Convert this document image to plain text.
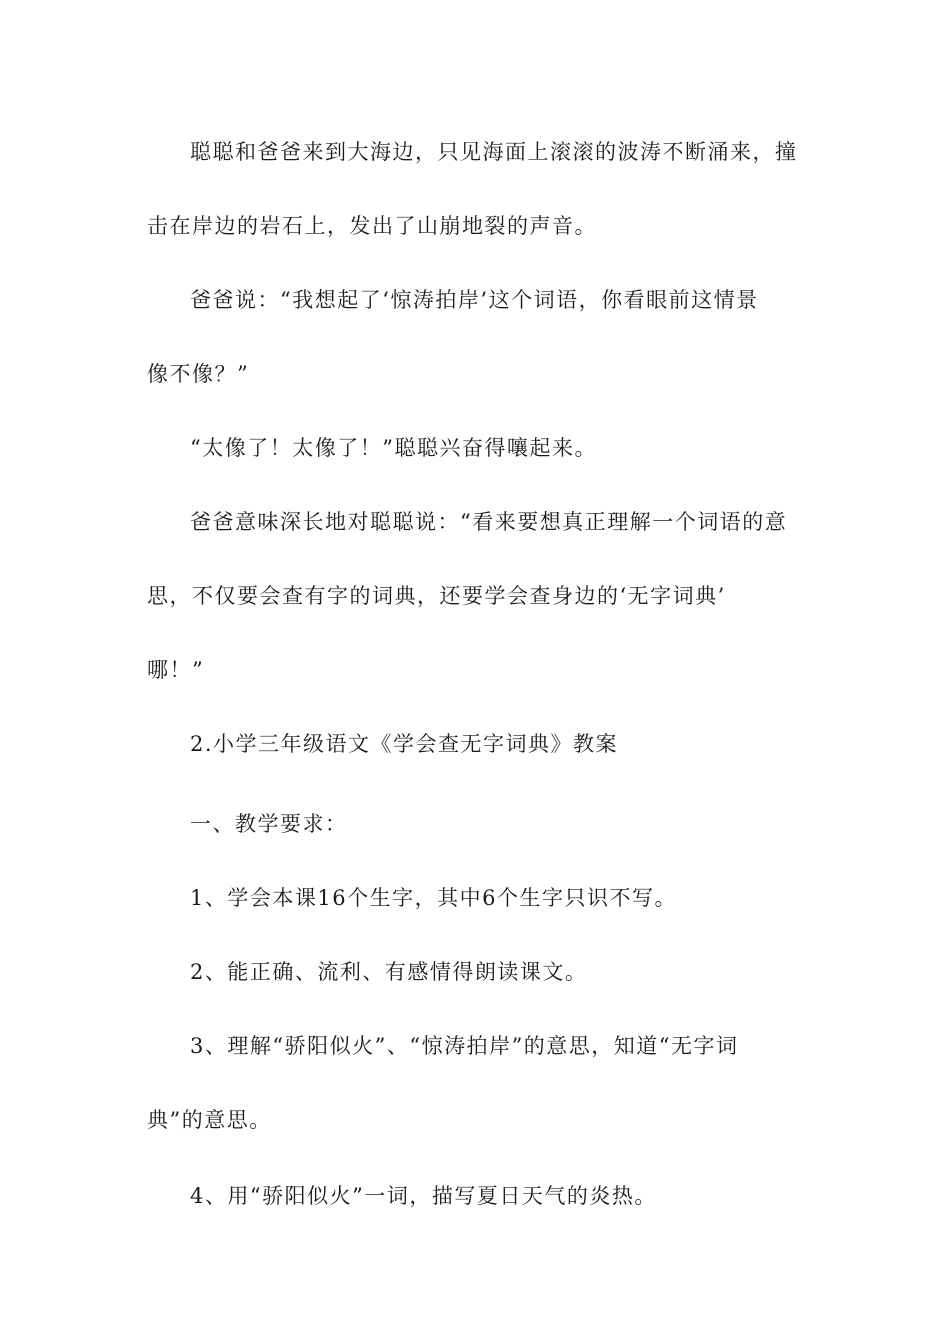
聪聪和爸爸来到大海边，只见海面上滚滚的波涛不断涌来，撞
击在岸边的岩石上，发出了山崩地裂的声音。
爸爸说：“我想起了‘惊涛拍岸’这个词语，你看眼前这情景
像不像？”
“太像了！太像了！”聪聪兴奋得嚷起来。
爸爸意味深长地对聪聪说：“看来要想真正理解一个词语的意
思，不仅要会查有字的词典，还要学会查身边的‘无字词典’
哪！”
2.小学三年级语文《学会查无字词典》教案
一、教学要求：
1、学会本课16个生字，其中6个生字只识不写。
2、能正确、流利、有感情得朗读课文。
3、理解“骄阳似火”、“惊涛拍岸”的意思，知道“无字词
典”的意思。
4、用“骄阳似火”一词，描写夏日天气的炎热。
